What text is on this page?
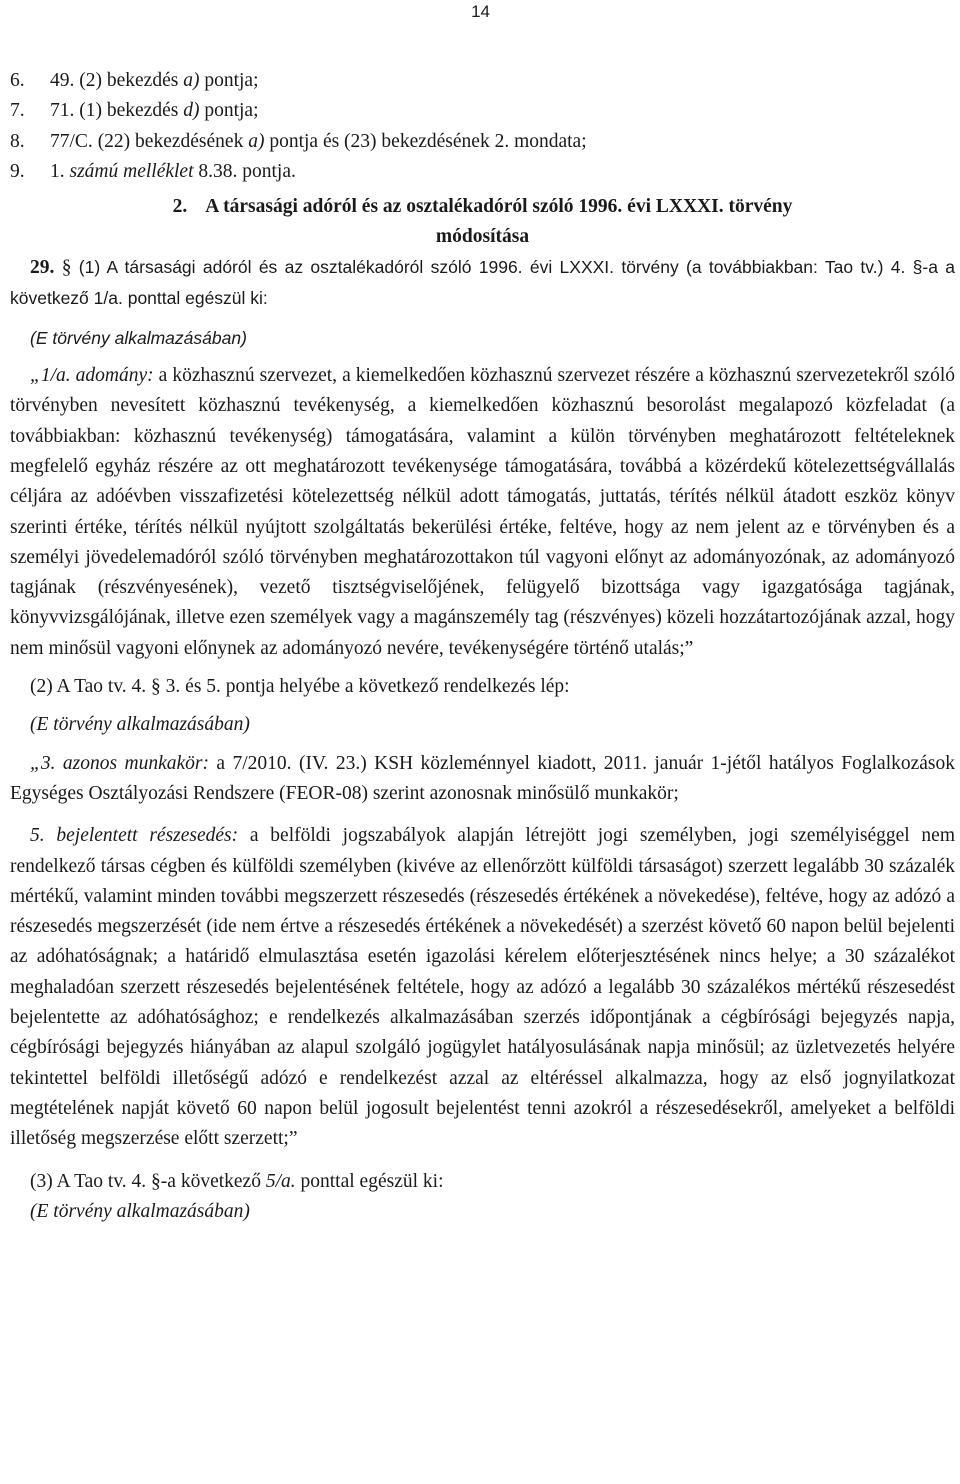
14
6.	49. (2) bekezdés a) pontja;
7.	71. (1) bekezdés d) pontja;
8.	77/C. (22) bekezdésének a) pontja és (23) bekezdésének 2. mondata;
9.	1. számú melléklet 8.38. pontja.
2. A társasági adóról és az osztalékadóról szóló 1996. évi LXXXI. törvény
módosítása

29. § (1) A társasági adóról és az osztalékadóról szóló 1996. évi LXXXI. törvény (a továbbiakban: Tao tv.) 4. §-a a következő 1/a. ponttal egészül ki:

(E törvény alkalmazásában)

„1/a. adomány: a közhasznú szervezet, a kiemelkedően közhasznú szervezet részére a közhasznú szervezetekről szóló törvényben nevesített közhasznú tevékenység, a kiemelkedően közhasznú besorolást megalapozó közfeladat (a továbbiakban: közhasznú tevékenység) támogatására, valamint a külön törvényben meghatározott feltételeknek megfelelő egyház részére az ott meghatározott tevékenysége támogatására, továbbá a közérdekű kötelezettségvállalás céljára az adóévben visszafizetési kötelezettség nélkül adott támogatás, juttatás, térítés nélkül átadott eszköz könyv szerinti értéke, térítés nélkül nyújtott szolgáltatás bekerülési értéke, feltéve, hogy az nem jelent az e törvényben és a személyi jövedelemadóról szóló törvényben meghatározottakon túl vagyoni előnyt az adományozónak, az adományozó tagjának (részvényesének), vezető tisztségviselőjének, felügyelő bizottsága vagy igazgatósága tagjának, könyvvizsgálójának, illetve ezen személyek vagy a magánszemély tag (részvényes) közeli hozzátartozójának azzal, hogy nem minősül vagyoni előnynek az adományozó nevére, tevékenységére történő utalás;”

(2) A Tao tv. 4. § 3. és 5. pontja helyébe a következő rendelkezés lép:

(E törvény alkalmazásában)

„3. azonos munkakör: a 7/2010. (IV. 23.) KSH közleménnyel kiadott, 2011. január 1-jétől hatályos Foglalkozások Egységes Osztályozási Rendszere (FEOR-08) szerint azonosnak minősülő munkakör;

5. bejelentett részesedés: a belföldi jogszabályok alapján létrejött jogi személyben, jogi személyiséggel nem rendelkező társas cégben és külföldi személyben (kivéve az ellenőrzött külföldi társaságot) szerzett legalább 30 százalék mértékű, valamint minden további megszerzett részesedés (részesedés értékének a növekedése), feltéve, hogy az adózó a részesedés megszerzését (ide nem értve a részesedés értékének a növekedését) a szerzést követő 60 napon belül bejelenti az adóhatóságnak; a határidő elmulasztása esetén igazolási kérelem előterjesztésének nincs helye; a 30 százalékot meghaladóan szerzett részesedés bejelentésének feltétele, hogy az adózó a legalább 30 százalékos mértékű részesedést bejelentette az adóhatósághoz; e rendelkezés alkalmazásában szerzés időpontjának a cégbírósági bejegyzés napja, cégbírósági bejegyzés hiányában az alapul szolgáló jogügylet hatályosulásának napja minősül; az üzletvezetés helyére tekintettel belföldi illetőségű adózó e rendelkezést azzal az eltéréssel alkalmazza, hogy az első jognyilatkozat megtételének napját követő 60 napon belül jogosult bejelentést tenni azokról a részesedésekről, amelyeket a belföldi illetőség megszerzése előtt szerzett;”

(3) A Tao tv. 4. §-a következő 5/a. ponttal egészül ki:

(E törvény alkalmazásában)
